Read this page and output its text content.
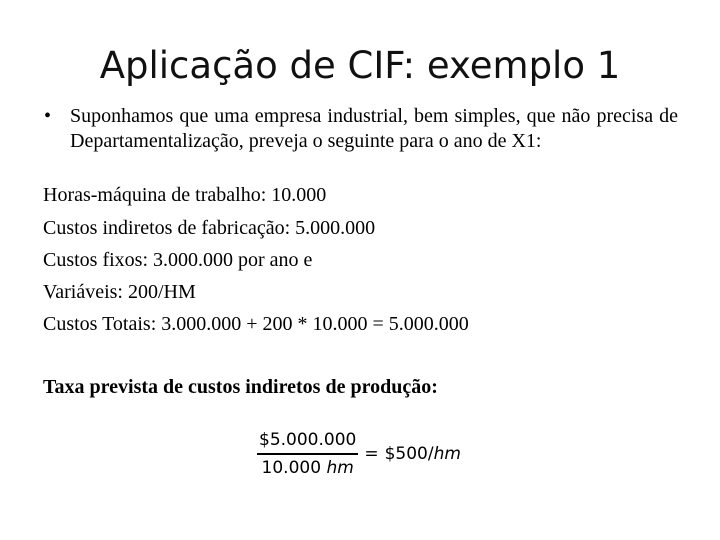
Aplicação de CIF: exemplo 1
• Suponhamos que uma empresa industrial, bem simples, que não precisa de Departamentalização, preveja o seguinte para o ano de X1:
Horas-máquina de trabalho: 10.000
Custos indiretos de fabricação: 5.000.000
Custos fixos: 3.000.000 por ano e
Variáveis: 200/HM
Custos Totais: 3.000.000 + 200 * 10.000 = 5.000.000
Taxa prevista de custos indiretos de produção:
$\frac{\$5.000.000}{10.000 hm}$ = $500/hm
